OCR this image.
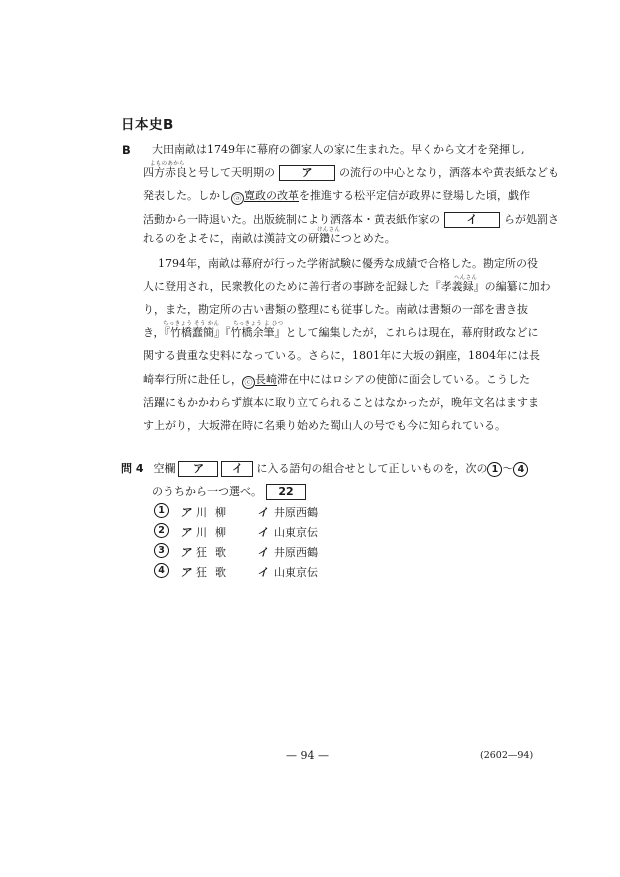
日本史B
B 大田南畝は1749年に幕府の御家人の家に生まれた。早くから文才を発揮し,
よものあから
四方赤良と号して天明期の ア の流行の中心となり，洒落本や黄表紙なども
発表した。しかし ⓐ 寛政の改革を推進する松平定信が政界に登場した頃，戯作
活動から一時退いた。出版統制により洒落本・黄表紙作家の イ らが処罰さ
けんさん
れるのをよそに，南畝は漢詩文の研鑽につとめた。
1794年，南畝は幕府が行った学術試験に優秀な成績で合格した。勘定所の役
へんさん
人に登用され，民衆教化のために善行者の事跡を記録した『孝義録』の編纂に加わ
り，また，勘定所の古い書類の整理にも従事した。南畝は書類の一部を書き抜
ちっきょう そう かん　　 ちっきょう よ ひつ
き，『竹橋蠢簡』『竹橋余筆』として編集したが，これらは現在，幕府財政などに
関する貴重な史料になっている。さらに，1801年に大坂の銅座，1804年には長
崎奉行所に赴任し， ⓒ 長崎滞在中にはロシアの使節に面会している。こうした
活躍にもかかわらず旗本に取り立てられることはなかったが，晩年文名はますま
す上がり，大坂滞在時に名乗り始めた蜀山人の号でも今に知られている。
問 4 空欄 ア	イ に入る語句の組合せとして正しいものを，次の 1 ～ 4
のうちから一つ選べ。 22
1	ア 川柳 イ 井原西鶴
2	ア 川柳 イ 山東京伝
3	ア 狂歌 イ 井原西鶴
4	ア 狂歌 イ 山東京伝
— 94 —	(2602—94)
